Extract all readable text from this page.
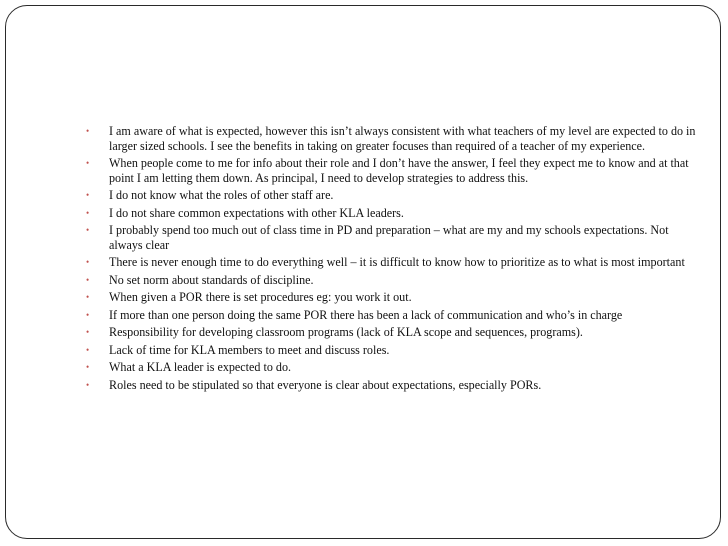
• I am aware of what is expected, however this isn’t always consistent with what teachers of my level are expected to do in larger sized schools. I see the benefits in taking on greater focuses than required of a teacher of my experience.
• When people come to me for info about their role and I don’t have the answer, I feel they expect me to know and at that point I am letting them down. As principal, I need to develop strategies to address this.
• I do not know what the roles of other staff are.
• I do not share common expectations with other KLA leaders.
• I probably spend too much out of class time in PD and preparation – what are my and my schools expectations. Not always clear
• There is never enough time to do everything well – it is difficult to know how to prioritize as to what is most important
• No set norm about standards of discipline.
• When given a POR there is set procedures eg: you work it out.
• If more than one person doing the same POR there has been a lack of communication and who’s in charge
• Responsibility for developing classroom programs (lack of KLA scope and sequences, programs).
• Lack of time for KLA members to meet and discuss roles.
• What a KLA leader is expected to do.
• Roles need to be stipulated so that everyone is clear about expectations, especially PORs.
